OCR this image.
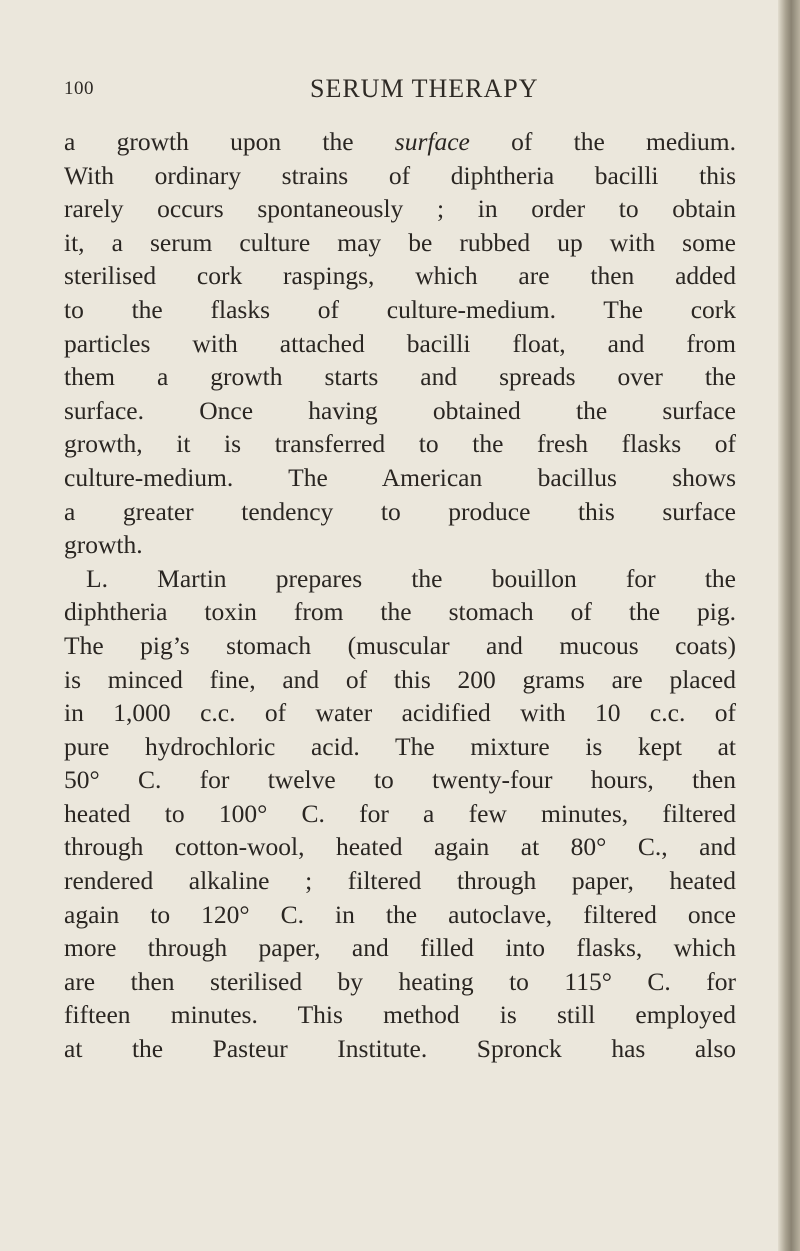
100	SERUM THERAPY
a growth upon the surface of the medium.
With ordinary strains of diphtheria bacilli this
rarely occurs spontaneously ; in order to obtain
it, a serum culture may be rubbed up with some
sterilised cork raspings, which are then added
to the flasks of culture-medium. The cork
particles with attached bacilli float, and from
them a growth starts and spreads over the
surface. Once having obtained the surface
growth, it is transferred to the fresh flasks of
culture-medium. The American bacillus shows
a greater tendency to produce this surface
growth.
L. Martin prepares the bouillon for the
diphtheria toxin from the stomach of the pig.
The pig’s stomach (muscular and mucous coats)
is minced fine, and of this 200 grams are placed
in 1,000 c.c. of water acidified with 10 c.c. of
pure hydrochloric acid. The mixture is kept at
50° C. for twelve to twenty-four hours, then
heated to 100° C. for a few minutes, filtered
through cotton-wool, heated again at 80° C., and
rendered alkaline ; filtered through paper, heated
again to 120° C. in the autoclave, filtered once
more through paper, and filled into flasks, which
are then sterilised by heating to 115° C. for
fifteen minutes. This method is still employed
at the Pasteur Institute. Spronck has also
